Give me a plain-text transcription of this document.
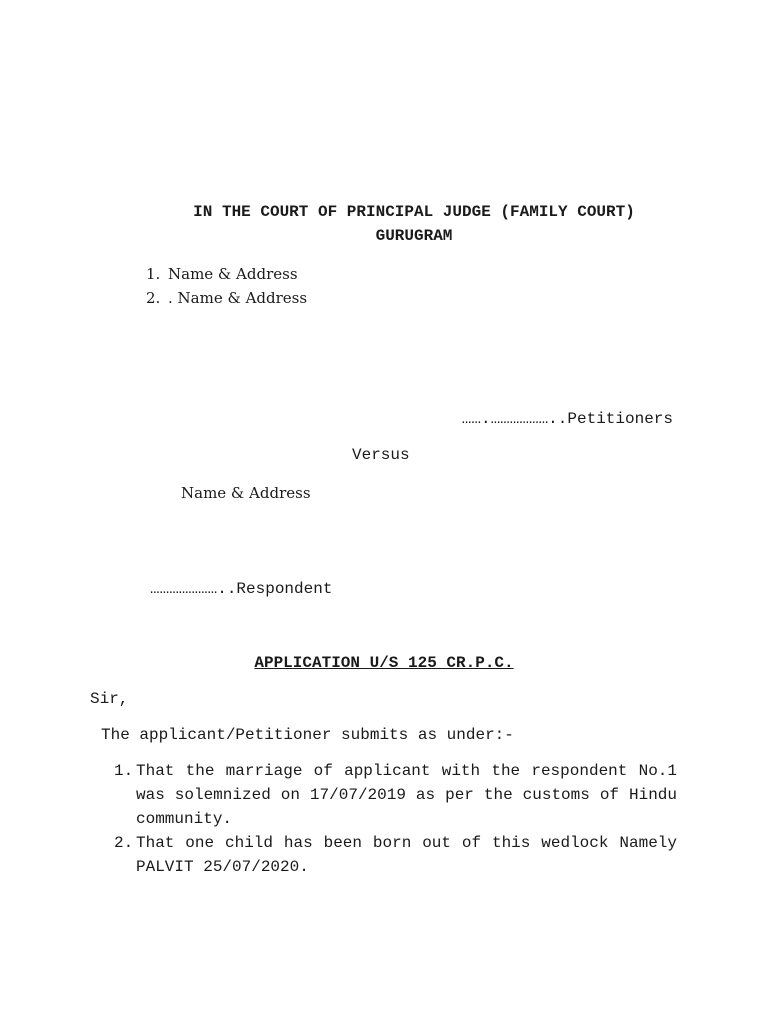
IN THE COURT OF PRINCIPAL JUDGE (FAMILY COURT)
GURUGRAM
1. Name & Address
2. . Name & Address
…….………………..Petitioners
Versus
Name & Address
…………………..Respondent
APPLICATION U/S 125 CR.P.C.
Sir,
The applicant/Petitioner submits as under:-
1. That the marriage of applicant with the respondent No.1 was solemnized on 17/07/2019 as per the customs of Hindu community.
2. That one child has been born out of this wedlock Namely PALVIT 25/07/2020.
